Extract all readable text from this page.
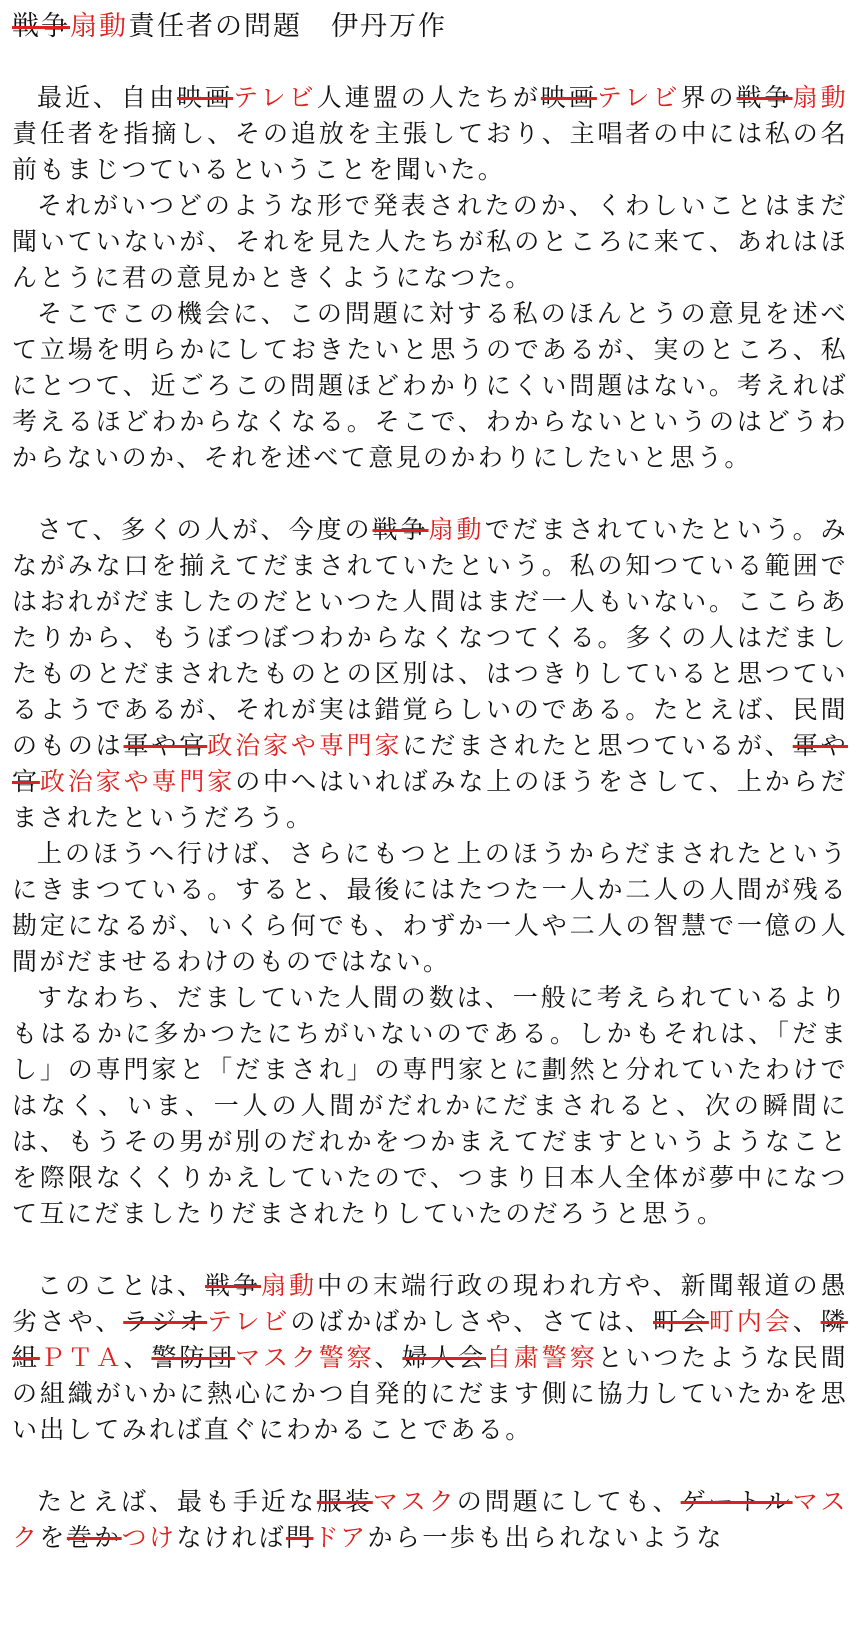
戦争扇動責任者の問題　 伊丹万作

最近、自由映画テレビ人連盟の人たちが映画テレビ界の戦争扇動責任者を指摘し、その追放を主張しており、主唱者の中には私の名前もまじつているということを聞いた。

それがいつどのような形で発表されたのか、くわしいことはまだ聞いていないが、それを見た人たちが私のところに来て、あれはほんとうに君の意見かときくようになつた。

そこでこの機会に、この問題に対する私のほんとうの意見を述べて立場を明らかにしておきたいと思うのであるが、実のところ、私にとつて、近ごろこの問題ほどわかりにくい問題はない。考えれば考えるほどわからなくなる。そこで、わからないというのはどうわからないのか、それを述べて意見のかわりにしたいと思う。

さて、多くの人が、今度の戦争扇動でだまされていたという。みながみな口を揃えてだまされていたという。私の知つている範囲ではおれがだましたのだといつた人間はまだ一人もいない。ここらあたりから、もうぼつぼつわからなくなつてくる。多くの人はだましたものとだまされたものとの区別は、はつきりしていると思つているようであるが、それが実は錯覚らしいのである。たとえば、民間のものは軍や官政治家や専門家にだまされたと思つているが、軍や官政治家や専門家の中へはいればみな上のほうをさして、上からだまされたというだろう。

上のほうへ行けば、さらにもつと上のほうからだまされたというにきまつている。すると、最後にはたつた一人か二人の人間が残る勘定になるが、いくら何でも、わずか一人や二人の智慧で一億の人間がだませるわけのものではない。

すなわち、だましていた人間の数は、一般に考えられているよりもはるかに多かつたにちがいないのである。しかもそれは、「だまし」の専門家と「だまされ」の専門家とに劃然と分れていたわけではなく、いま、一人の人間がだれかにだまされると、次の瞬間には、もうその男が別のだれかをつかまえてだますというようなことを際限なくくりかえしていたので、つまり日本人全体が夢中になつて互にだましたりだまされたりしていたのだろうと思う。

このことは、戦争扇動中の末端行政の現われ方や、新聞報道の愚劣さや、ラジオテレビのばかばかしさや、さては、町会町内会、隣組ＰＴＡ、警防団マスク警察、婦人会自粛警察といつたような民間の組織がいかに熱心にかつ自発的にだます側に協力していたかを思い出してみれば直ぐにわかることである。

たとえば、最も手近な服装マスクの問題にしても、ゲートルマスクを巻かつけなければ門ドアから一歩も出られないような
